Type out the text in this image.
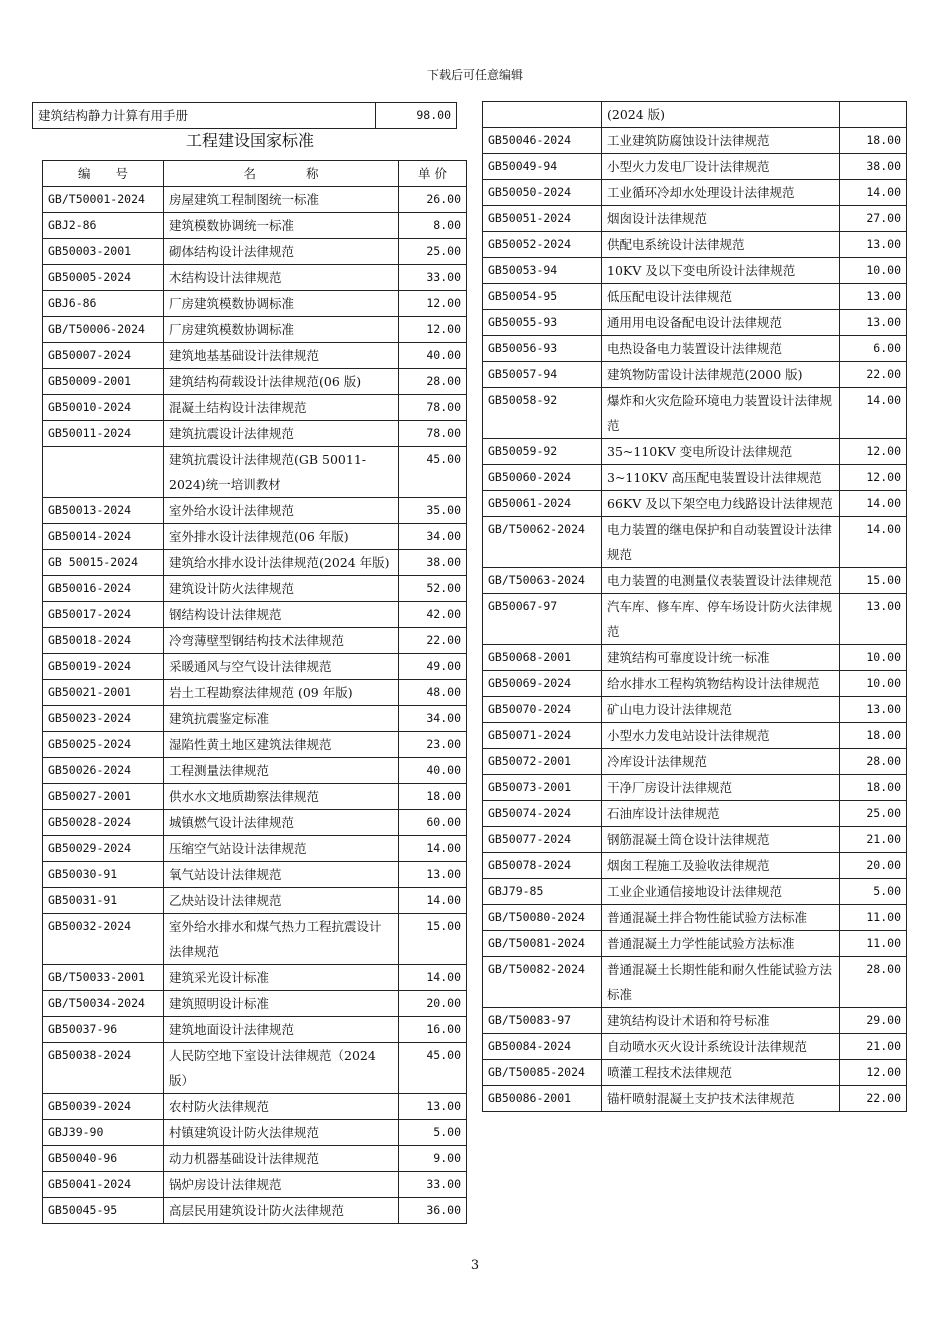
下载后可任意编辑
建筑结构静力计算有用手册	98.00
工程建设国家标准
编　　号	名　　　　称	单 价
GB/T50001-2024	房屋建筑工程制图统一标准	26.00
GBJ2-86	建筑模数协调统一标准	8.00
GB50003-2001	砌体结构设计法律规范	25.00
GB50005-2024	木结构设计法律规范	33.00
GBJ6-86	厂房建筑模数协调标准	12.00
GB/T50006-2024	厂房建筑模数协调标准	12.00
GB50007-2024	建筑地基基础设计法律规范	40.00
GB50009-2001	建筑结构荷载设计法律规范(06 版)	28.00
GB50010-2024	混凝土结构设计法律规范	78.00
GB50011-2024	建筑抗震设计法律规范	78.00
	建筑抗震设计法律规范(GB 50011-2024)统一培训教材	45.00
GB50013-2024	室外给水设计法律规范	35.00
GB50014-2024	室外排水设计法律规范(06 年版)	34.00
GB 50015-2024	建筑给水排水设计法律规范(2024 年版)	38.00
GB50016-2024	建筑设计防火法律规范	52.00
GB50017-2024	钢结构设计法律规范	42.00
GB50018-2024	冷弯薄壁型钢结构技术法律规范	22.00
GB50019-2024	采暖通风与空气设计法律规范	49.00
GB50021-2001	岩土工程勘察法律规范 (09 年版)	48.00
GB50023-2024	建筑抗震鉴定标准	34.00
GB50025-2024	湿陷性黄土地区建筑法律规范	23.00
GB50026-2024	工程测量法律规范	40.00
GB50027-2001	供水水文地质勘察法律规范	18.00
GB50028-2024	城镇燃气设计法律规范	60.00
GB50029-2024	压缩空气站设计法律规范	14.00
GB50030-91	氧气站设计法律规范	13.00
GB50031-91	乙炔站设计法律规范	14.00
GB50032-2024	室外给水排水和煤气热力工程抗震设计法律规范	15.00
GB/T50033-2001	建筑采光设计标准	14.00
GB/T50034-2024	建筑照明设计标准	20.00
GB50037-96	建筑地面设计法律规范	16.00
GB50038-2024	人民防空地下室设计法律规范（2024 版）	45.00
GB50039-2024	农村防火法律规范	13.00
GBJ39-90	村镇建筑设计防火法律规范	5.00
GB50040-96	动力机器基础设计法律规范	9.00
GB50041-2024	锅炉房设计法律规范	33.00
GB50045-95	高层民用建筑设计防火法律规范	36.00
	(2024 版)	
GB50046-2024	工业建筑防腐蚀设计法律规范	18.00
GB50049-94	小型火力发电厂设计法律规范	38.00
GB50050-2024	工业循环冷却水处理设计法律规范	14.00
GB50051-2024	烟囱设计法律规范	27.00
GB50052-2024	供配电系统设计法律规范	13.00
GB50053-94	10KV 及以下变电所设计法律规范	10.00
GB50054-95	低压配电设计法律规范	13.00
GB50055-93	通用用电设备配电设计法律规范	13.00
GB50056-93	电热设备电力装置设计法律规范	6.00
GB50057-94	建筑物防雷设计法律规范(2000 版)	22.00
GB50058-92	爆炸和火灾危险环境电力装置设计法律规范	14.00
GB50059-92	35~110KV 变电所设计法律规范	12.00
GB50060-2024	3~110KV 高压配电装置设计法律规范	12.00
GB50061-2024	66KV 及以下架空电力线路设计法律规范	14.00
GB/T50062-2024	电力装置的继电保护和自动装置设计法律规范	14.00
GB/T50063-2024	电力装置的电测量仪表装置设计法律规范	15.00
GB50067-97	汽车库、修车库、停车场设计防火法律规范	13.00
GB50068-2001	建筑结构可靠度设计统一标准	10.00
GB50069-2024	给水排水工程构筑物结构设计法律规范	10.00
GB50070-2024	矿山电力设计法律规范	13.00
GB50071-2024	小型水力发电站设计法律规范	18.00
GB50072-2001	冷库设计法律规范	28.00
GB50073-2001	干净厂房设计法律规范	18.00
GB50074-2024	石油库设计法律规范	25.00
GB50077-2024	钢筋混凝土筒仓设计法律规范	21.00
GB50078-2024	烟囱工程施工及验收法律规范	20.00
GBJ79-85	工业企业通信接地设计法律规范	5.00
GB/T50080-2024	普通混凝土拌合物性能试验方法标准	11.00
GB/T50081-2024	普通混凝土力学性能试验方法标准	11.00
GB/T50082-2024	普通混凝土长期性能和耐久性能试验方法标准	28.00
GB/T50083-97	建筑结构设计术语和符号标准	29.00
GB50084-2024	自动喷水灭火设计系统设计法律规范	21.00
GB/T50085-2024	喷灌工程技术法律规范	12.00
GB50086-2001	锚杆喷射混凝土支护技术法律规范	22.00
3
